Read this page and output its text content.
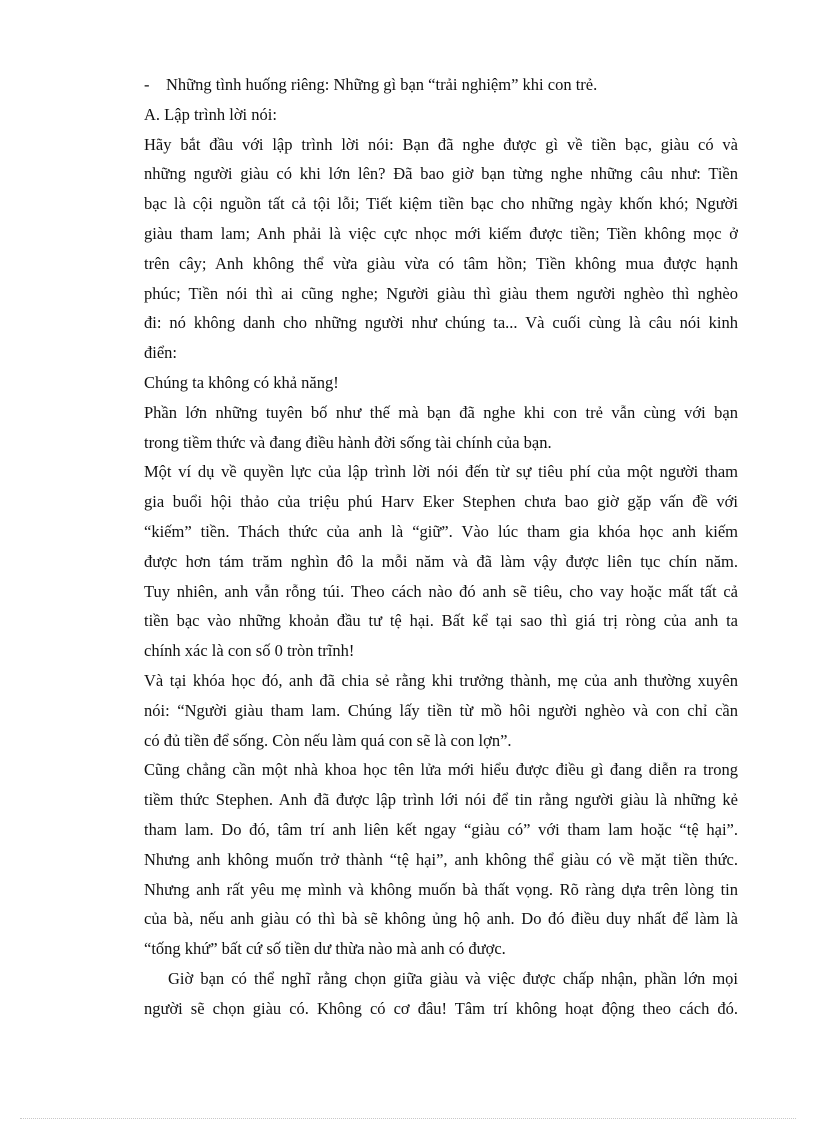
-	Những tình huống riêng: Những gì bạn “trải nghiệm” khi con trẻ.
A. Lập trình lời nói:
Hãy bắt đầu với lập trình lời nói: Bạn đã nghe được gì về tiền bạc, giàu có và
những người giàu có khi lớn lên? Đã bao giờ bạn từng nghe những câu như: Tiền
bạc là cội nguồn tất cả tội lỗi; Tiết kiệm tiền bạc cho những ngày khốn khó; Người
giàu tham lam; Anh phải là việc cực nhọc mới kiếm được tiền; Tiền không mọc ở
trên cây; Anh không thể vừa giàu vừa có tâm hồn; Tiền không mua được hạnh
phúc; Tiền nói thì ai cũng nghe; Người giàu thì giàu them người nghèo thì nghèo
đi: nó không danh cho những người như chúng ta... Và cuối cùng là câu nói kinh
điển:
Chúng ta không có khả năng!
Phần lớn những tuyên bố như thế mà bạn đã nghe khi con trẻ vẫn cùng với bạn
trong tiềm thức và đang điều hành đời sống tài chính của bạn.
Một ví dụ về quyền lực của lập trình lời nói đến từ sự tiêu phí của một người tham
gia buổi hội thảo của triệu phú Harv Eker Stephen chưa bao giờ gặp vấn đề với
“kiếm” tiền. Thách thức của anh là “giữ”. Vào lúc tham gia khóa học anh kiếm
được hơn tám trăm nghìn đô la mỗi năm và đã làm vậy được liên tục chín năm.
Tuy nhiên, anh vẫn rỗng túi. Theo cách nào đó anh sẽ tiêu, cho vay hoặc mất tất cả
tiền bạc vào những khoản đầu tư tệ hại. Bất kể tại sao thì giá trị ròng của anh ta
chính xác là con số 0 tròn trĩnh!
Và tại khóa học đó, anh đã chia sẻ rằng khi trưởng thành, mẹ của anh thường xuyên
nói: “Người giàu tham lam. Chúng lấy tiền từ mồ hôi người nghèo và con chỉ cần
có đủ tiền để sống. Còn nếu làm quá con sẽ là con lợn”.
Cũng chẳng cần một nhà khoa học tên lửa mới hiểu được điều gì đang diễn ra trong
tiềm thức Stephen. Anh đã được lập trình lới nói để tin rằng người giàu là những kẻ
tham lam. Do đó, tâm trí anh liên kết ngay “giàu có” với tham lam hoặc “tệ hại”.
Nhưng anh không muốn trở thành “tệ hại”, anh không thể giàu có về mặt tiền thức.
Nhưng anh rất yêu mẹ mình và không muốn bà thất vọng. Rõ ràng dựa trên lòng tin
của bà, nếu anh giàu có thì bà sẽ không ủng hộ anh. Do đó điều duy nhất để làm là
“tống khứ” bất cứ số tiền dư thừa nào mà anh có được.
Giờ bạn có thể nghĩ rằng chọn giữa giàu và việc được chấp nhận, phần lớn mọi
người sẽ chọn giàu có. Không có cơ đâu! Tâm trí không hoạt động theo cách đó.
